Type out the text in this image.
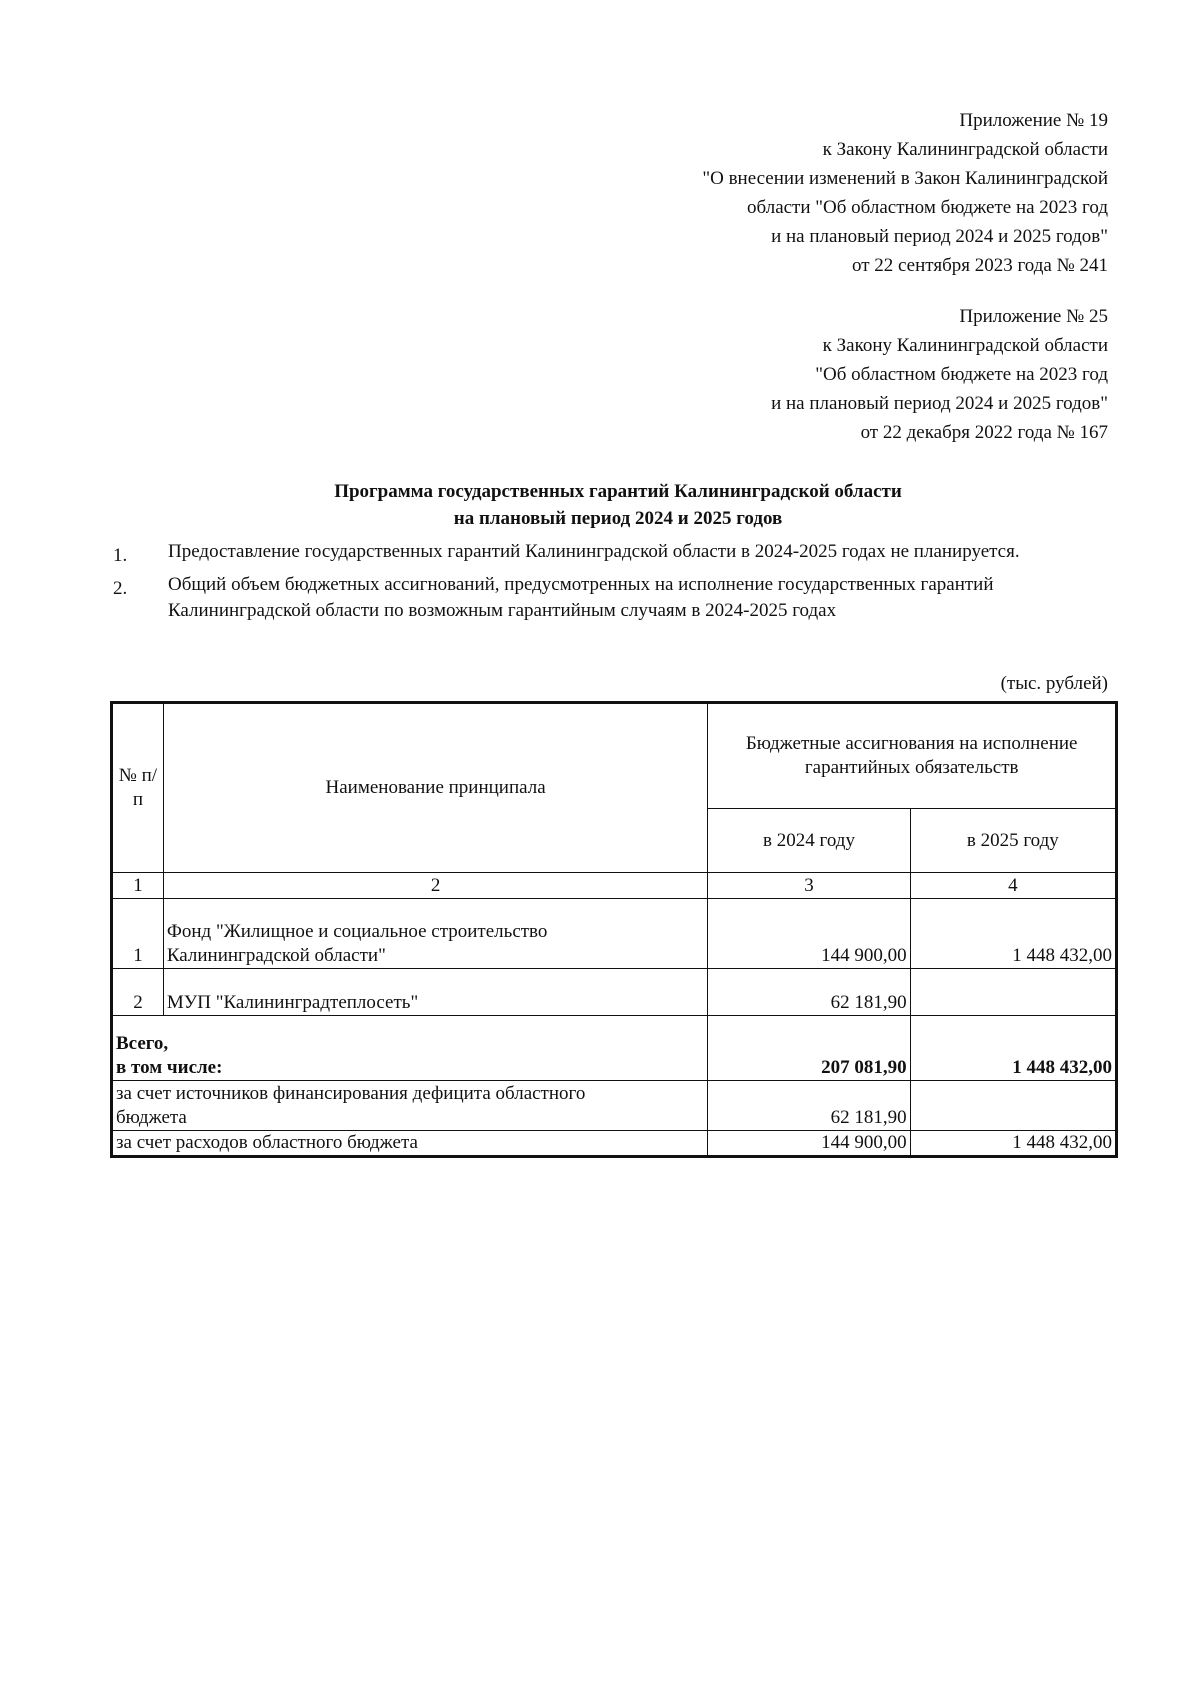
Приложение № 19
к Закону Калининградской области
"О внесении изменений в Закон Калининградской
области "Об областном бюджете на 2023 год
и на плановый период 2024 и 2025 годов"
от 22 сентября 2023 года № 241
Приложение № 25
к Закону Калининградской области
"Об областном бюджете на 2023 год
и на плановый период 2024 и 2025 годов"
от 22 декабря 2022 года № 167
Программа государственных гарантий Калининградской области
на плановый период 2024 и 2025 годов
1.	Предоставление государственных гарантий Калининградской области в 2024-2025 годах не планируется.
2.	Общий объем бюджетных ассигнований, предусмотренных на исполнение государственных гарантий Калининградской области по возможным гарантийным случаям в 2024-2025 годах
(тыс. рублей)
№ п/п	Наименование принципала	Бюджетные ассигнования на исполнение гарантийных обязательств	
		в 2024 году	в 2025 году
1	2	3	4
1	Фонд "Жилищное и социальное строительство
Калининградской области"	144 900,00	1 448 432,00
2	МУП "Калининградтеплосеть"	62 181,90	

Всего,
в том числе:		207 081,90	1 448 432,00

за счет источников финансирования дефицита областного
бюджета		62 181,90	
за счет расходов областного бюджета		144 900,00	1 448 432,00
